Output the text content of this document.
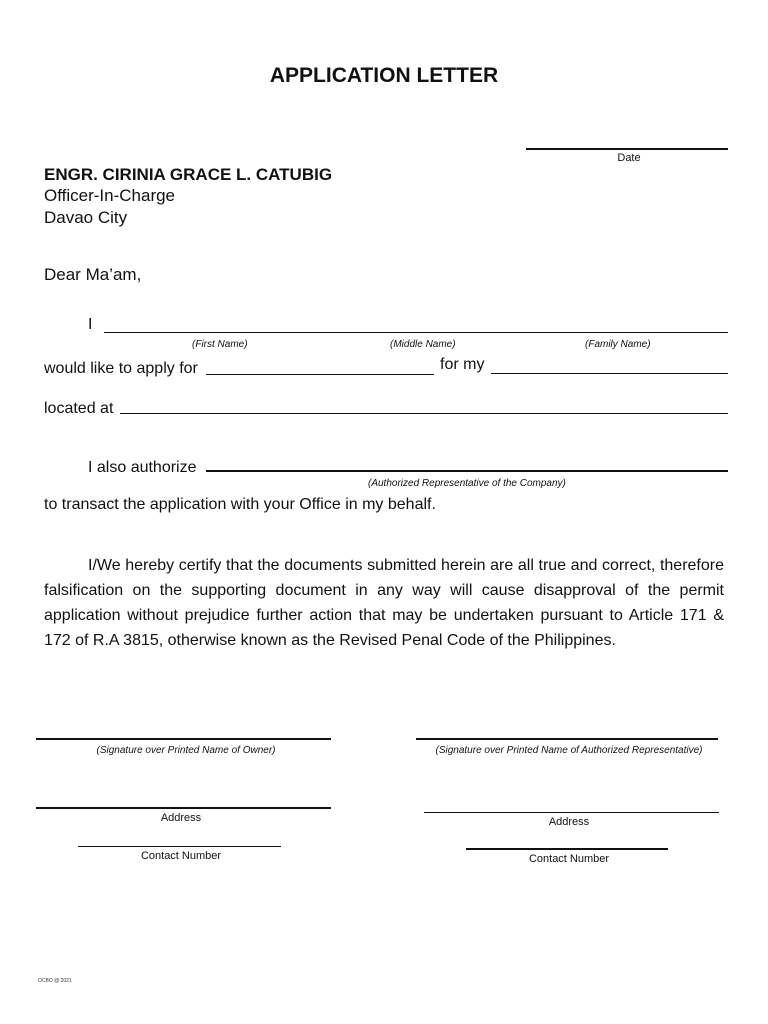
APPLICATION LETTER
Date
ENGR. CIRINIA GRACE L. CATUBIG
Officer-In-Charge
Davao City
Dear Ma’am,
I
(First Name)	(Middle Name)	(Family Name)
would like to apply for	for my
located at
I also authorize
(Authorized Representative of the Company)
to transact the application with your Office in my behalf.
I/We hereby certify that the documents submitted herein are all true and correct, therefore falsification on the supporting document in any way will cause disapproval of the permit application without prejudice further action that may be undertaken pursuant to Article 171 & 172 of R.A 3815, otherwise known as the Revised Penal Code of the Philippines.
(Signature over Printed Name of Owner)
Address
Contact Number
(Signature over Printed Name of Authorized Representative)
Address
Contact Number
OCBO @ 2021
